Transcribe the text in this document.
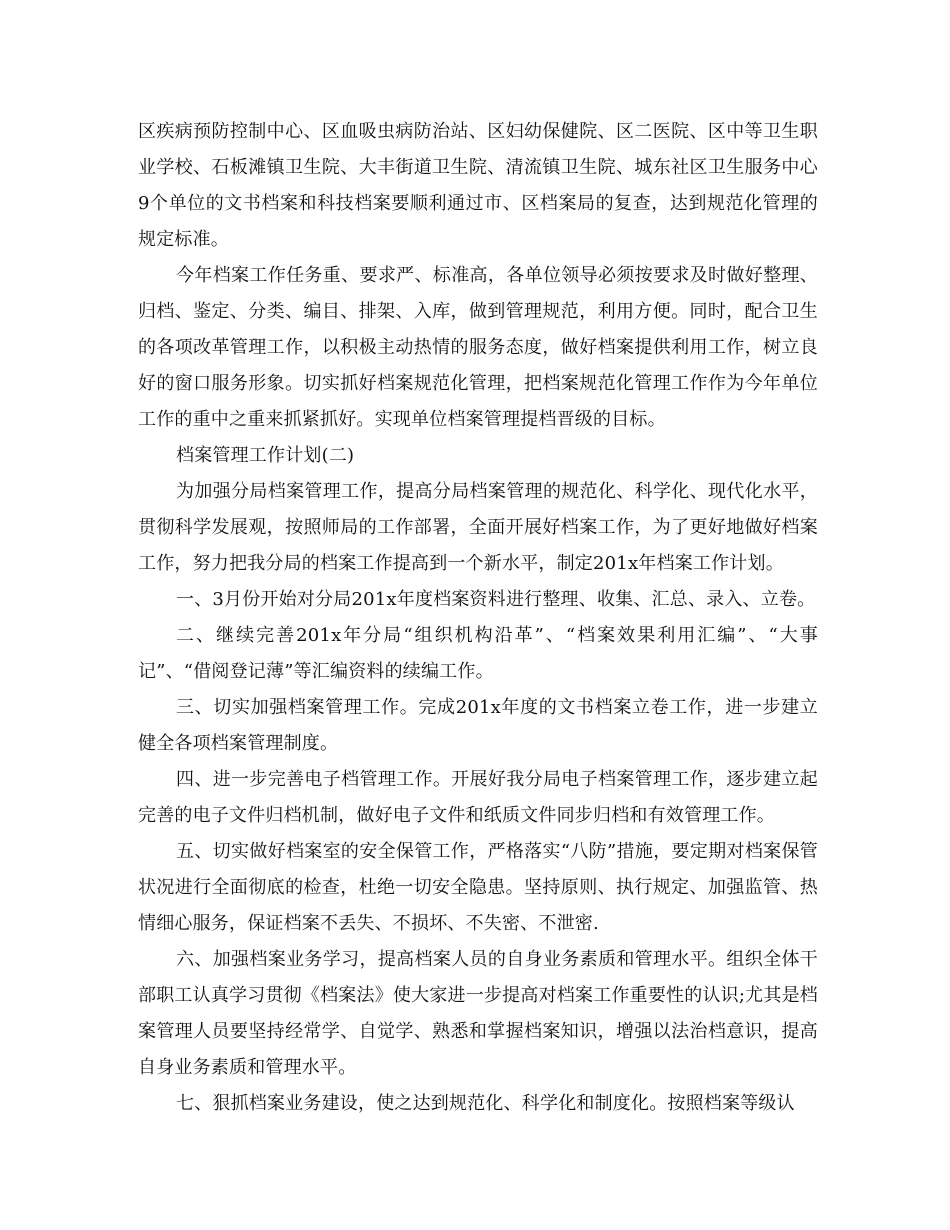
区疾病预防控制中心、区血吸虫病防治站、区妇幼保健院、区二医院、区中等卫生职业学校、石板滩镇卫生院、大丰街道卫生院、清流镇卫生院、城东社区卫生服务中心9个单位的文书档案和科技档案要顺利通过市、区档案局的复查，达到规范化管理的规定标准。

今年档案工作任务重、要求严、标准高，各单位领导必须按要求及时做好整理、归档、鉴定、分类、编目、排架、入库，做到管理规范，利用方便。同时，配合卫生的各项改革管理工作，以积极主动热情的服务态度，做好档案提供利用工作，树立良好的窗口服务形象。切实抓好档案规范化管理，把档案规范化管理工作作为今年单位工作的重中之重来抓紧抓好。实现单位档案管理提档晋级的目标。

档案管理工作计划(二)

为加强分局档案管理工作，提高分局档案管理的规范化、科学化、现代化水平，贯彻科学发展观，按照师局的工作部署，全面开展好档案工作，为了更好地做好档案工作，努力把我分局的档案工作提高到一个新水平，制定201x年档案工作计划。

一、3月份开始对分局201x年度档案资料进行整理、收集、汇总、录入、立卷。

二、继续完善201x年分局“组织机构沿革”、“档案效果利用汇编”、“大事记”、“借阅登记薄”等汇编资料的续编工作。

三、切实加强档案管理工作。完成201x年度的文书档案立卷工作，进一步建立健全各项档案管理制度。

四、进一步完善电子档管理工作。开展好我分局电子档案管理工作，逐步建立起完善的电子文件归档机制，做好电子文件和纸质文件同步归档和有效管理工作。

五、切实做好档案室的安全保管工作，严格落实“八防”措施，要定期对档案保管状况进行全面彻底的检查，杜绝一切安全隐患。坚持原则、执行规定、加强监管、热情细心服务，保证档案不丢失、不损坏、不失密、不泄密.

六、加强档案业务学习，提高档案人员的自身业务素质和管理水平。组织全体干部职工认真学习贯彻《档案法》使大家进一步提高对档案工作重要性的认识;尤其是档案管理人员要坚持经常学、自觉学、熟悉和掌握档案知识，增强以法治档意识，提高自身业务素质和管理水平。

七、狠抓档案业务建设，使之达到规范化、科学化和制度化。按照档案等级认
